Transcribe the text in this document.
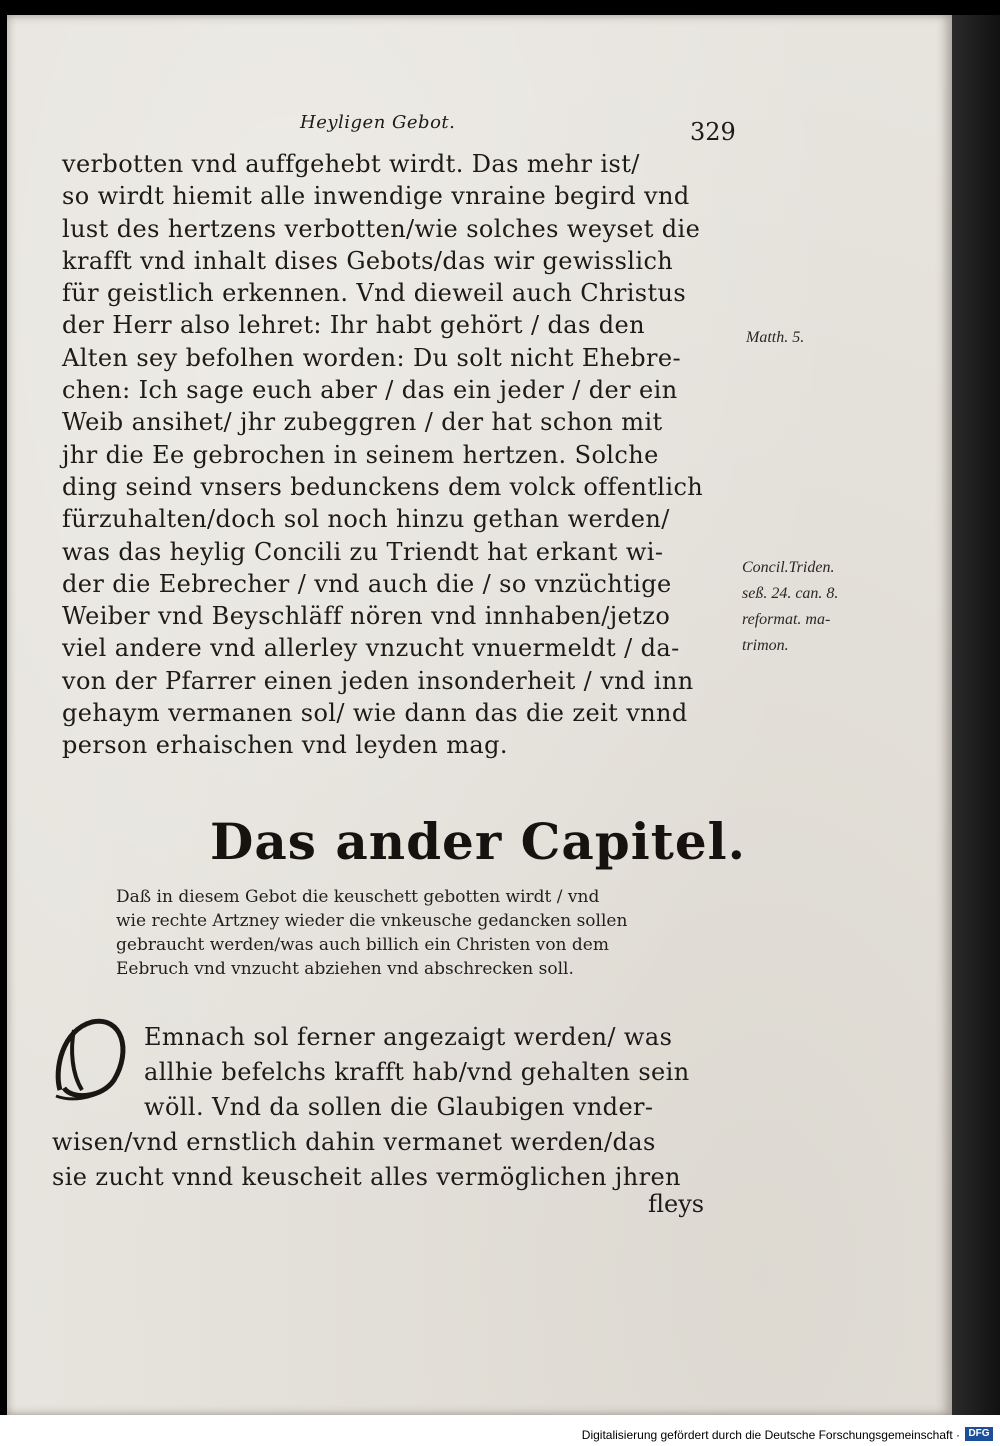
Heyligen Gebot.	329
verbotten vnd auffgehebt wirdt. Das mehr ist/
so wirdt hiemit alle inwendige vnraine begird vnd
lust des hertzens verbotten/wie solches weyset die
krafft vnd inhalt dises Gebots/das wir gewisslich
für geistlich erkennen. Vnd dieweil auch Christus
der Herr also lehret: Ihr habt gehört / das den
Alten sey befolhen worden: Du solt nicht Ehebre-
chen: Ich sage euch aber / das ein jeder / der ein
Weib ansihet/ jhr zubeggren / der hat schon mit
jhr die Ee gebrochen in seinem hertzen. Solche
ding seind vnsers bedunckens dem volck offentlich
fürzuhalten/doch sol noch hinzu gethan werden/
was das heylig Concili zu Triendt hat erkant wi-
der die Eebrecher / vnd auch die / so vnzüchtige
Weiber vnd Beyschläff nören vnd innhaben/jetzo
viel andere vnd allerley vnzucht vnuermeldt / da-
von der Pfarrer einen jeden insonderheit / vnd inn
gehaym vermanen sol/ wie dann das die zeit vnnd
person erhaischen vnd leyden mag.
Matth. 5.
Concil.Triden.
seß. 24. can. 8.
reformat. ma-
trimon.
Das ander Capitel.
Daß in diesem Gebot die keuschett gebotten wirdt / vnd
wie rechte Artzney wieder die vnkeusche gedancken sollen
gebraucht werden/was auch billich ein Christen von dem
Eebruch vnd vnzucht abziehen vnd abschrecken soll.
Emnach sol ferner angezaigt werden/ was
allhie befelchs krafft hab/vnd gehalten sein
wöll. Vnd da sollen die Glaubigen vnder-
wisen/vnd ernstlich dahin vermanet werden/das
sie zucht vnnd keuscheit alles vermöglichen jhren
fleys
Digitalisierung gefördert durch die Deutsche Forschungsgemeinschaft · DFG
